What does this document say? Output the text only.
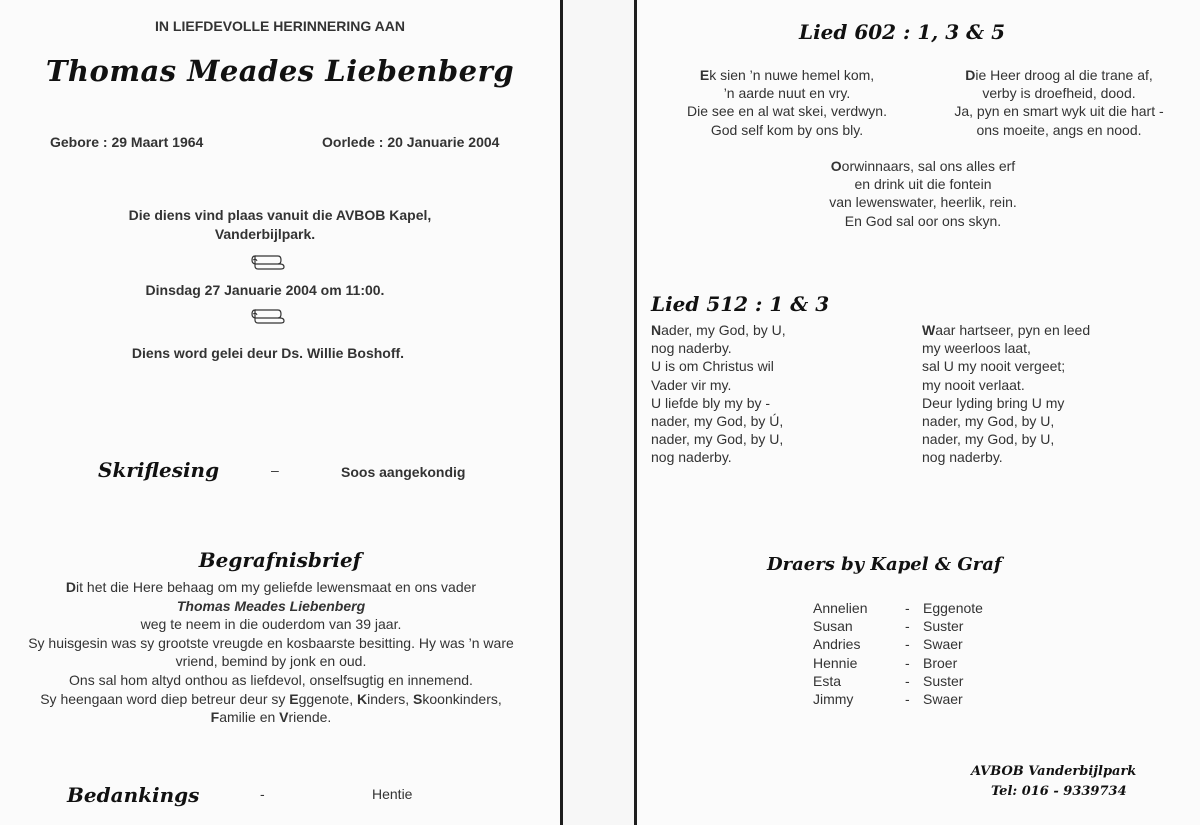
IN LIEFDEVOLLE HERINNERING AAN
Thomas Meades Liebenberg
Gebore : 29 Maart 1964	Oorlede : 20 Januarie 2004
Die diens vind plaas vanuit die AVBOB Kapel,
Vanderbijlpark.
Dinsdag 27 Januarie 2004 om 11:00.
Diens word gelei deur Ds. Willie Boshoff.
Skriflesing	–	Soos aangekondig
Begrafnisbrief
Dit het die Here behaag om my geliefde lewensmaat en ons vader
Thomas Meades Liebenberg
weg te neem in die ouderdom van 39 jaar.
Sy huisgesin was sy grootste vreugde en kosbaarste besitting. Hy was ’n ware
vriend, bemind by jonk en oud.
Ons sal hom altyd onthou as liefdevol, onselfsugtig en innemend.
Sy heengaan word diep betreur deur sy Eggenote, Kinders, Skoonkinders,
Familie en Vriende.
Bedankings	-	Hentie
Lied 602 : 1, 3 & 5
Ek sien ’n nuwe hemel kom,
’n aarde nuut en vry.
Die see en al wat skei, verdwyn.
God self kom by ons bly.
Die Heer droog al die trane af,
verby is droefheid, dood.
Ja, pyn en smart wyk uit die hart -
ons moeite, angs en nood.
Oorwinnaars, sal ons alles erf
en drink uit die fontein
van lewenswater, heerlik, rein.
En God sal oor ons skyn.
Lied 512 : 1 & 3
Nader, my God, by U,
nog naderby.
U is om Christus wil
Vader vir my.
U liefde bly my by -
nader, my God, by Ú,
nader, my God, by U,
nog naderby.
Waar hartseer, pyn en leed
my weerloos laat,
sal U my nooit vergeet;
my nooit verlaat.
Deur lyding bring U my
nader, my God, by U,
nader, my God, by U,
nog naderby.
Draers by Kapel & Graf
Annelien	- Eggenote
Susan	- Suster
Andries	- Swaer
Hennie	- Broer
Esta	- Suster
Jimmy	- Swaer
AVBOB Vanderbijlpark
Tel: 016 - 9339734
